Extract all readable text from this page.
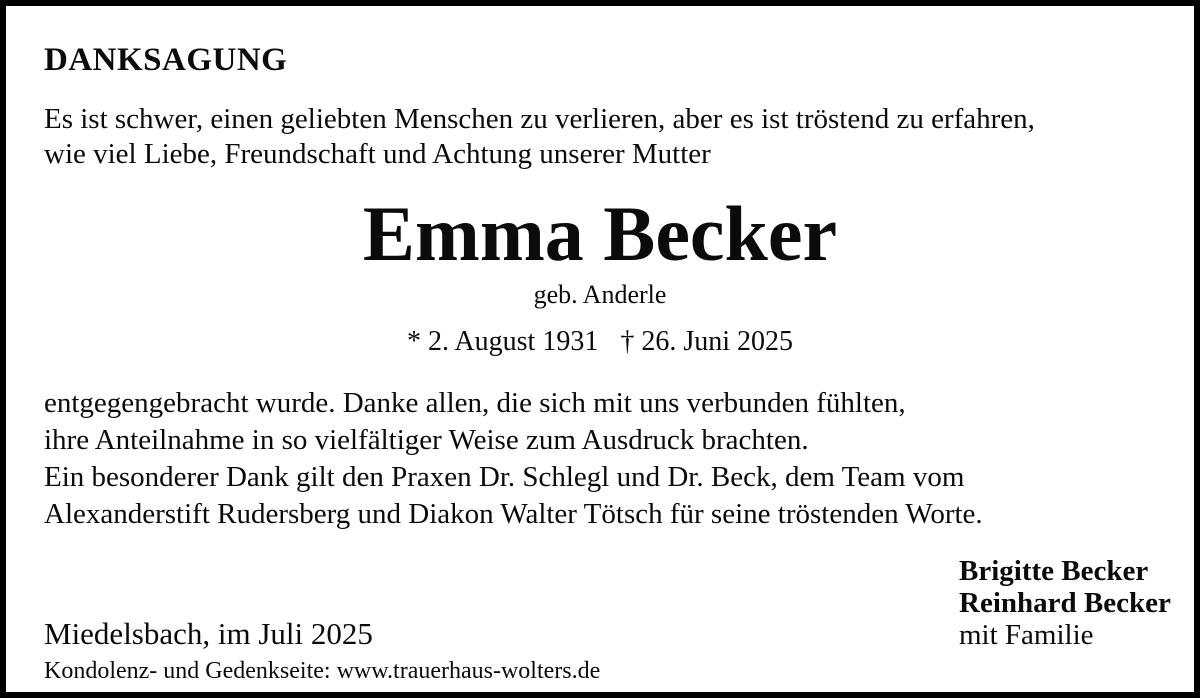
DANKSAGUNG
Es ist schwer, einen geliebten Menschen zu verlieren, aber es ist tröstend zu erfahren,
wie viel Liebe, Freundschaft und Achtung unserer Mutter
Emma Becker
geb. Anderle
* 2. August 1931 † 26. Juni 2025
entgegengebracht wurde. Danke allen, die sich mit uns verbunden fühlten,
ihre Anteilnahme in so vielfältiger Weise zum Ausdruck brachten.
Ein besonderer Dank gilt den Praxen Dr. Schlegl und Dr. Beck, dem Team vom
Alexanderstift Rudersberg und Diakon Walter Tötsch für seine tröstenden Worte.
Brigitte Becker
Reinhard Becker
mit Familie
Miedelsbach, im Juli 2025
Kondolenz- und Gedenkseite: www.trauerhaus-wolters.de
